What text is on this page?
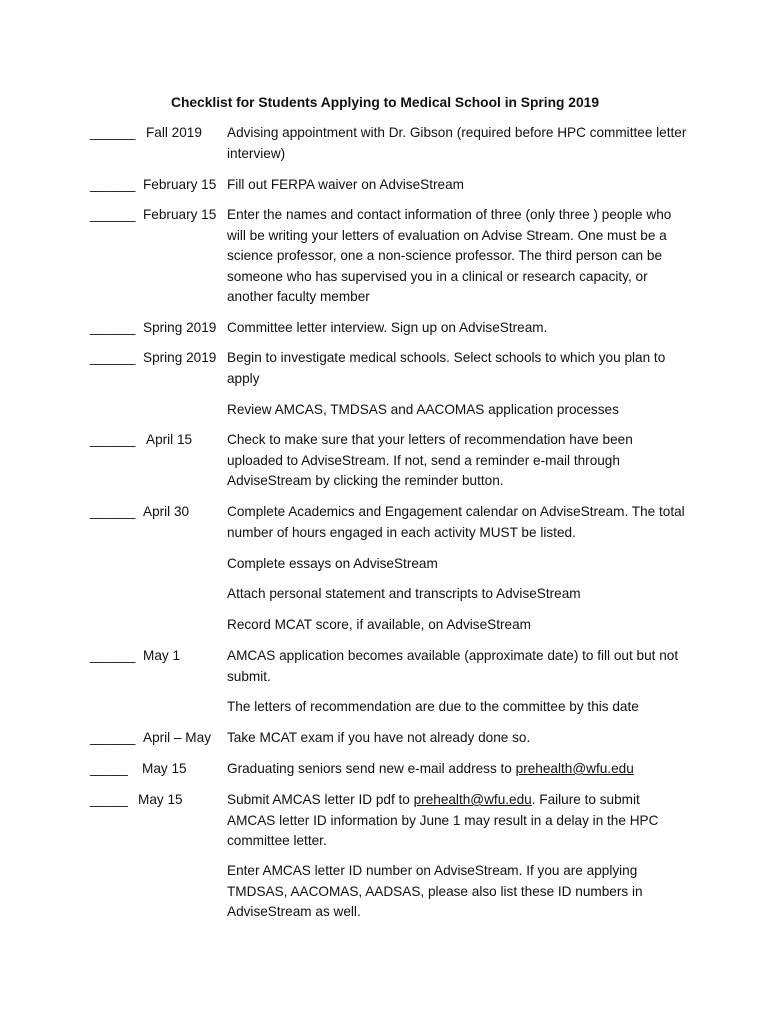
Checklist for Students Applying to Medical School in Spring 2019
______ Fall 2019 Advising appointment with Dr. Gibson (required before HPC committee letter interview)
______ February 15 Fill out FERPA waiver on AdviseStream
______ February 15 Enter the names and contact information of three (only three ) people who will be writing your letters of evaluation on Advise Stream. One must be a science professor, one a non-science professor. The third person can be someone who has supervised you in a clinical or research capacity, or another faculty member
______ Spring 2019 Committee letter interview. Sign up on AdviseStream.
______ Spring 2019 Begin to investigate medical schools. Select schools to which you plan to apply
Review AMCAS, TMDSAS and AACOMAS application processes
______ April 15	Check to make sure that your letters of recommendation have been uploaded to AdviseStream. If not, send a reminder e-mail through AdviseStream by clicking the reminder button.
______ April 30	Complete Academics and Engagement calendar on AdviseStream. The total number of hours engaged in each activity MUST be listed.
Complete essays on AdviseStream
Attach personal statement and transcripts to AdviseStream
Record MCAT score, if available, on AdviseStream
______ May 1	AMCAS application becomes available (approximate date) to fill out but not submit.
The letters of recommendation are due to the committee by this date
______ April – May Take MCAT exam if you have not already done so.
_____ May 15	Graduating seniors send new e-mail address to prehealth@wfu.edu
_____ May 15	Submit AMCAS letter ID pdf to prehealth@wfu.edu. Failure to submit AMCAS letter ID information by June 1 may result in a delay in the HPC committee letter.
Enter AMCAS letter ID number on AdviseStream. If you are applying TMDSAS, AACOMAS, AADSAS, please also list these ID numbers in AdviseStream as well.
